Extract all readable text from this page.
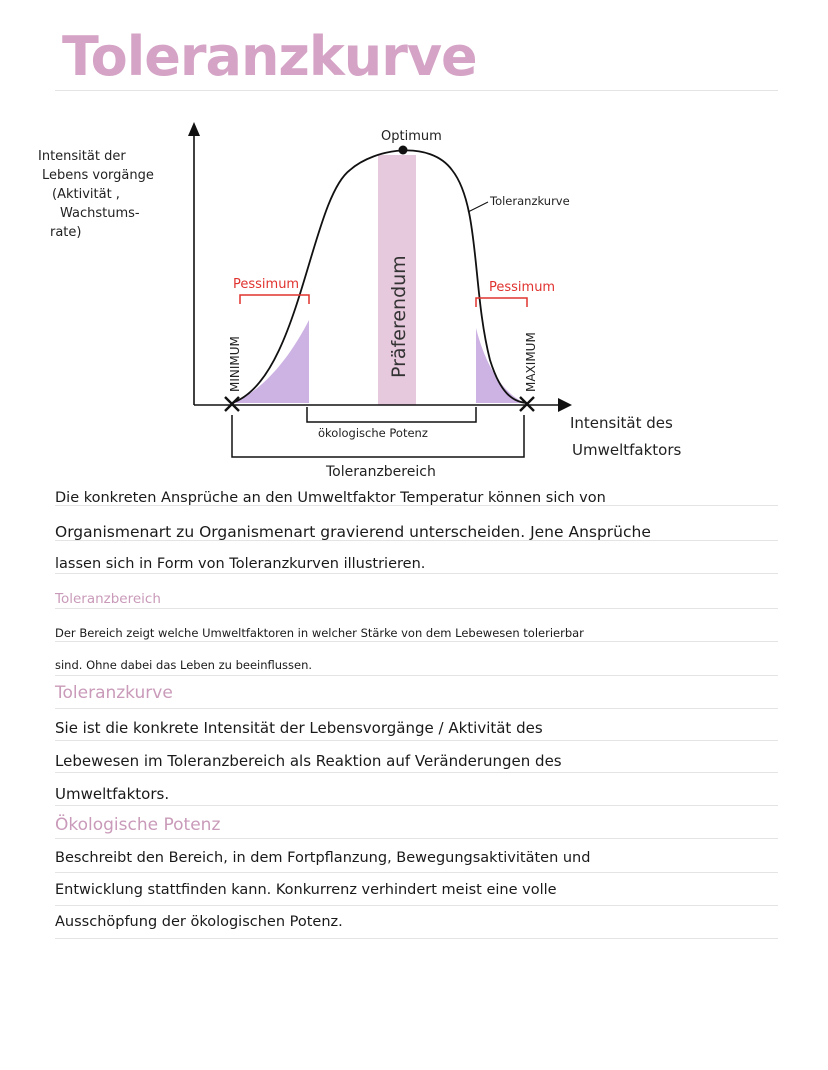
Toleranzkurve
Intensität der
Lebens vorgänge
(Aktivität ,
Wachstums-
rate)
Optimum
Toleranzkurve
Pessimum	Pessimum
MINIMUM	MAXIMUM
Präferendum
ökologische Potenz
Toleranzbereich
Intensität des
Umweltfaktors
Die konkreten Ansprüche an den Umweltfaktor Temperatur können sich von
Organismenart zu Organismenart gravierend unterscheiden. Jene Ansprüche
lassen sich in Form von Toleranzkurven illustrieren.
Toleranzbereich
Der Bereich zeigt welche Umweltfaktoren in welcher Stärke von dem Lebewesen tolerierbar
sind. Ohne dabei das Leben zu beeinflussen.
Toleranzkurve
Sie ist die konkrete Intensität der Lebensvorgänge / Aktivität des
Lebewesen im Toleranzbereich als Reaktion auf Veränderungen des
Umweltfaktors.
Ökologische Potenz
Beschreibt den Bereich, in dem Fortpflanzung, Bewegungsaktivitäten und
Entwicklung stattfinden kann. Konkurrenz verhindert meist eine volle
Ausschöpfung der ökologischen Potenz.
